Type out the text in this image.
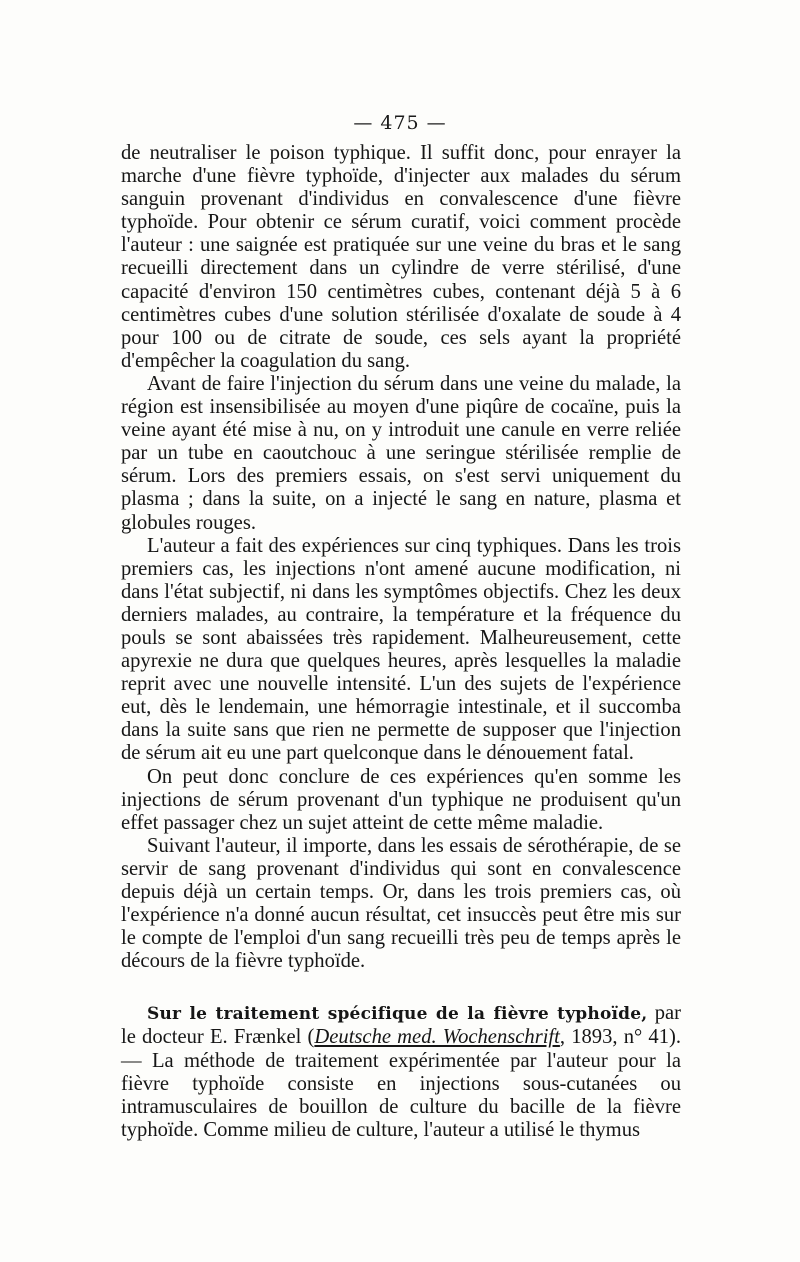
— 475 —

de neutraliser le poison typhique. Il suffit donc, pour enrayer la marche d'une fièvre typhoïde, d'injecter aux malades du sérum sanguin provenant d'individus en convalescence d'une fièvre typhoïde. Pour obtenir ce sérum curatif, voici comment procède l'auteur : une saignée est pratiquée sur une veine du bras et le sang recueilli directement dans un cylindre de verre stérilisé, d'une capacité d'environ 150 centimètres cubes, contenant déjà 5 à 6 centimètres cubes d'une solution stérilisée d'oxalate de soude à 4 pour 100 ou de citrate de soude, ces sels ayant la propriété d'empêcher la coagulation du sang.

Avant de faire l'injection du sérum dans une veine du malade, la région est insensibilisée au moyen d'une piqûre de cocaïne, puis la veine ayant été mise à nu, on y introduit une canule en verre reliée par un tube en caoutchouc à une seringue stérilisée remplie de sérum. Lors des premiers essais, on s'est servi uniquement du plasma ; dans la suite, on a injecté le sang en nature, plasma et globules rouges.

L'auteur a fait des expériences sur cinq typhiques. Dans les trois premiers cas, les injections n'ont amené aucune modification, ni dans l'état subjectif, ni dans les symptômes objectifs. Chez les deux derniers malades, au contraire, la température et la fréquence du pouls se sont abaissées très rapidement. Malheureusement, cette apyrexie ne dura que quelques heures, après lesquelles la maladie reprit avec une nouvelle intensité. L'un des sujets de l'expérience eut, dès le lendemain, une hémorragie intestinale, et il succomba dans la suite sans que rien ne permette de supposer que l'injection de sérum ait eu une part quelconque dans le dénouement fatal.

On peut donc conclure de ces expériences qu'en somme les injections de sérum provenant d'un typhique ne produisent qu'un effet passager chez un sujet atteint de cette même maladie.

Suivant l'auteur, il importe, dans les essais de sérothérapie, de se servir de sang provenant d'individus qui sont en convalescence depuis déjà un certain temps. Or, dans les trois premiers cas, où l'expérience n'a donné aucun résultat, cet insuccès peut être mis sur le compte de l'emploi d'un sang recueilli très peu de temps après le décours de la fièvre typhoïde.

Sur le traitement spécifique de la fièvre typhoïde, par le docteur E. Frænkel (Deutsche med. Wochenschrift, 1893, n° 41). — La méthode de traitement expérimentée par l'auteur pour la fièvre typhoïde consiste en injections sous-cutanées ou intramusculaires de bouillon de culture du bacille de la fièvre typhoïde. Comme milieu de culture, l'auteur a utilisé le thymus
